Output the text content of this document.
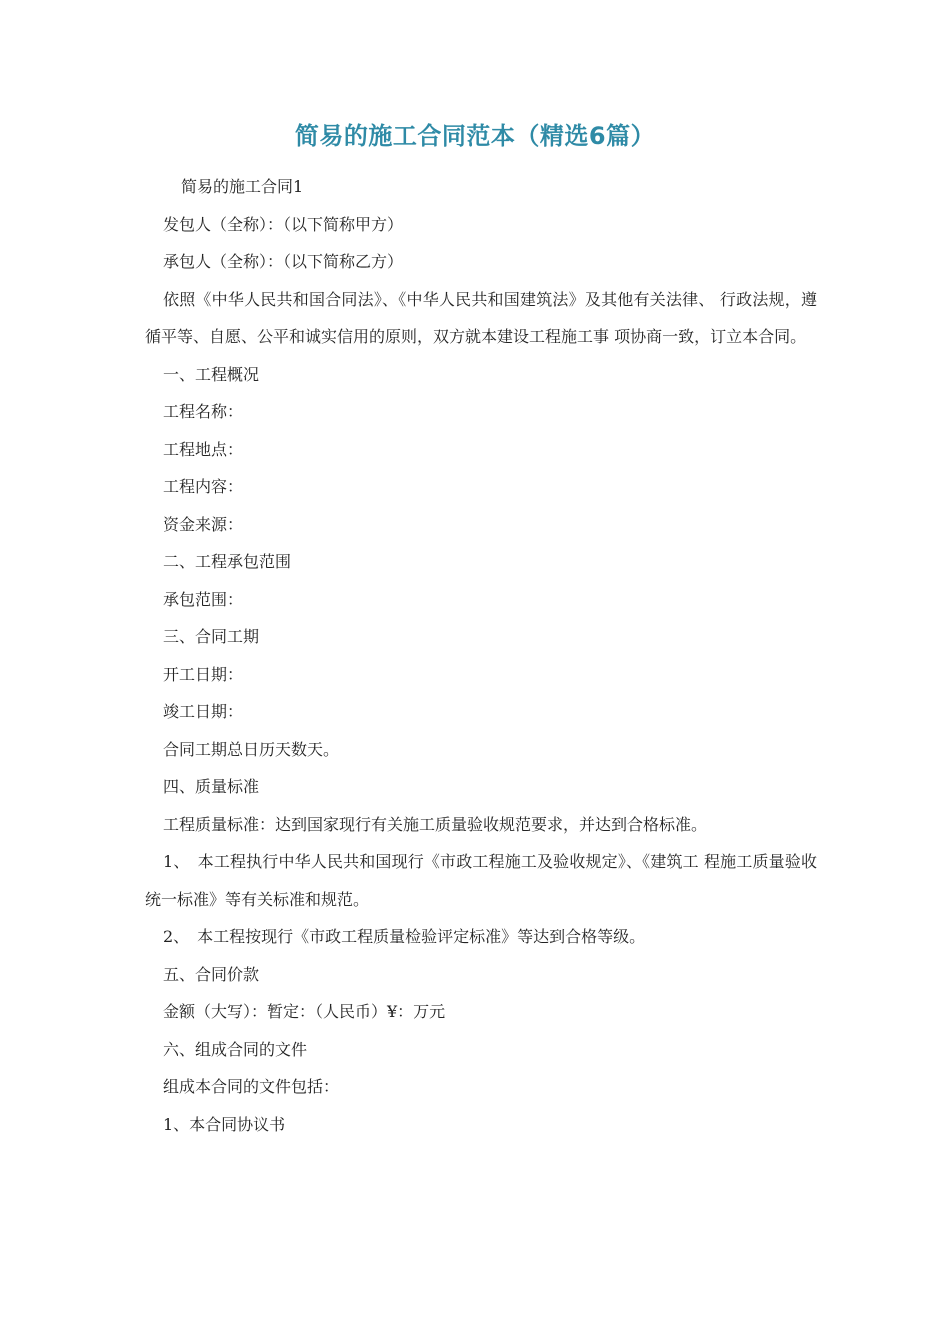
简易的施工合同范本（精选6篇）

简易的施工合同1

发包人（全称）：（以下简称甲方）

承包人（全称）：（以下简称乙方）

依照《中华人民共和国合同法》、《中华人民共和国建筑法》及其他有关法律、 行政法规，遵循平等、自愿、公平和诚实信用的原则，双方就本建设工程施工事 项协商一致，订立本合同。

一、工程概况

工程名称：

工程地点：

工程内容：

资金来源：

二、工程承包范围

承包范围：

三、合同工期

开工日期：

竣工日期：

合同工期总日历天数天。

四、质量标准

工程质量标准：达到国家现行有关施工质量验收规范要求，并达到合格标准。

1、　本工程执行中华人民共和国现行《市政工程施工及验收规定》、《建筑工 程施工质量验收统一标准》等有关标准和规范。

2、　本工程按现行《市政工程质量检验评定标准》等达到合格等级。

五、合同价款

金额（大写）：暂定：（人民币）¥：万元

六、组成合同的文件

组成本合同的文件包括：

1、本合同协议书
